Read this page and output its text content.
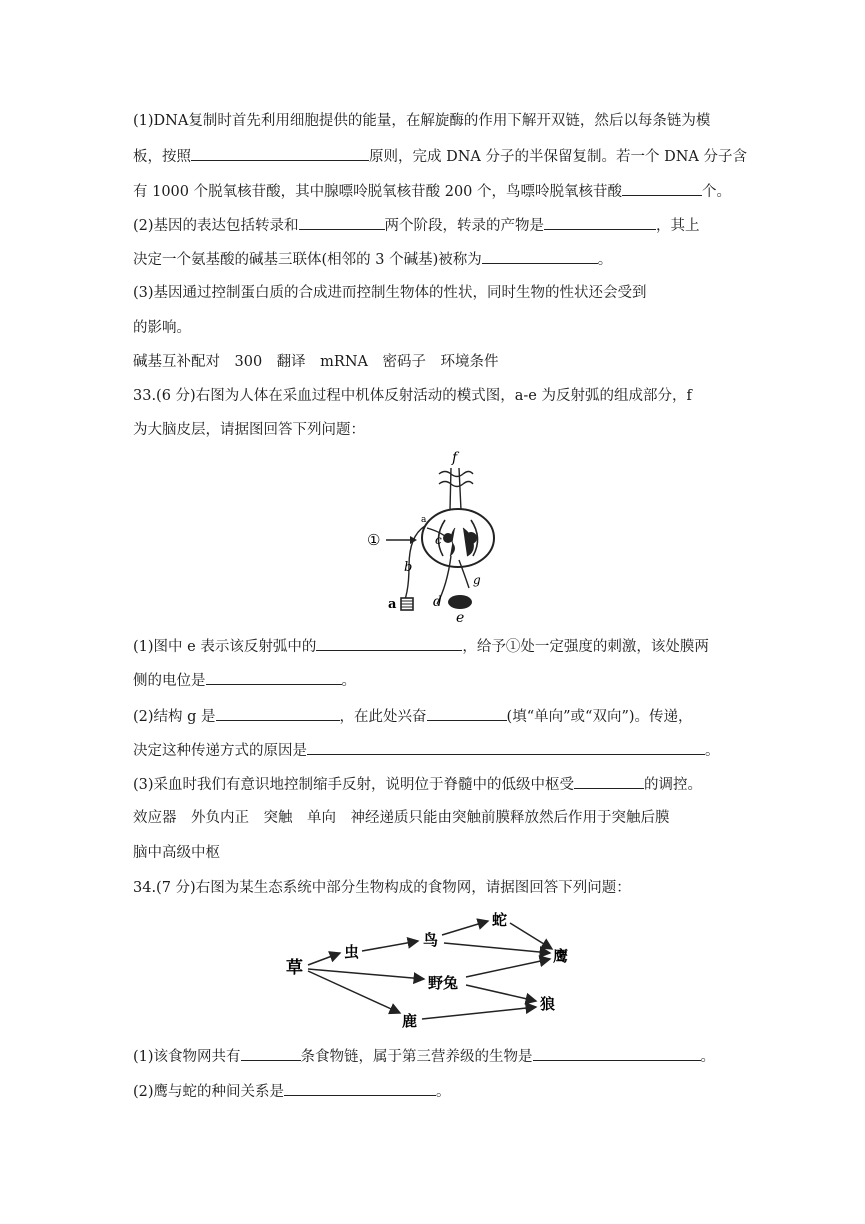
(1)DNA复制时首先利用细胞提供的能量，在解旋酶的作用下解开双链，然后以每条链为模
板，按照	原则，完成 DNA 分子的半保留复制。若一个 DNA 分子含
有 1000 个脱氧核苷酸，其中腺嘌呤脱氧核苷酸 200 个，鸟嘌呤脱氧核苷酸	个。
(2)基因的表达包括转录和	两个阶段，转录的产物是	，其上
决定一个氨基酸的碱基三联体(相邻的 3 个碱基)被称为	。
(3)基因通过控制蛋白质的合成进而控制生物体的性状，同时生物的性状还会受到
的影响。
碱基互补配对　300　翻译　mRNA　密码子　环境条件
33.(6 分)右图为人体在采血过程中机体反射活动的模式图，a-e 为反射弧的组成部分，f
为大脑皮层，请据图回答下列问题：
f
①
a
b
c
g
a	d
e
(1)图中 e 表示该反射弧中的	，给予①处一定强度的刺激，该处膜两
侧的电位是	。
(2)结构 g 是	，在此处兴奋	(填“单向”或“双向”)。传递，
决定这种传递方式的原因是	。
(3)采血时我们有意识地控制缩手反射，说明位于脊髓中的低级中枢受	的调控。
效应器　外负内正　突触　单向　神经递质只能由突触前膜释放然后作用于突触后膜
脑中高级中枢
34.(7 分)右图为某生态系统中部分生物构成的食物网，请据图回答下列问题：
草
虫
鸟
蛇
鹰
野兔
鹿
狼
(1)该食物网共有	条食物链，属于第三营养级的生物是	。
(2)鹰与蛇的种间关系是	。
